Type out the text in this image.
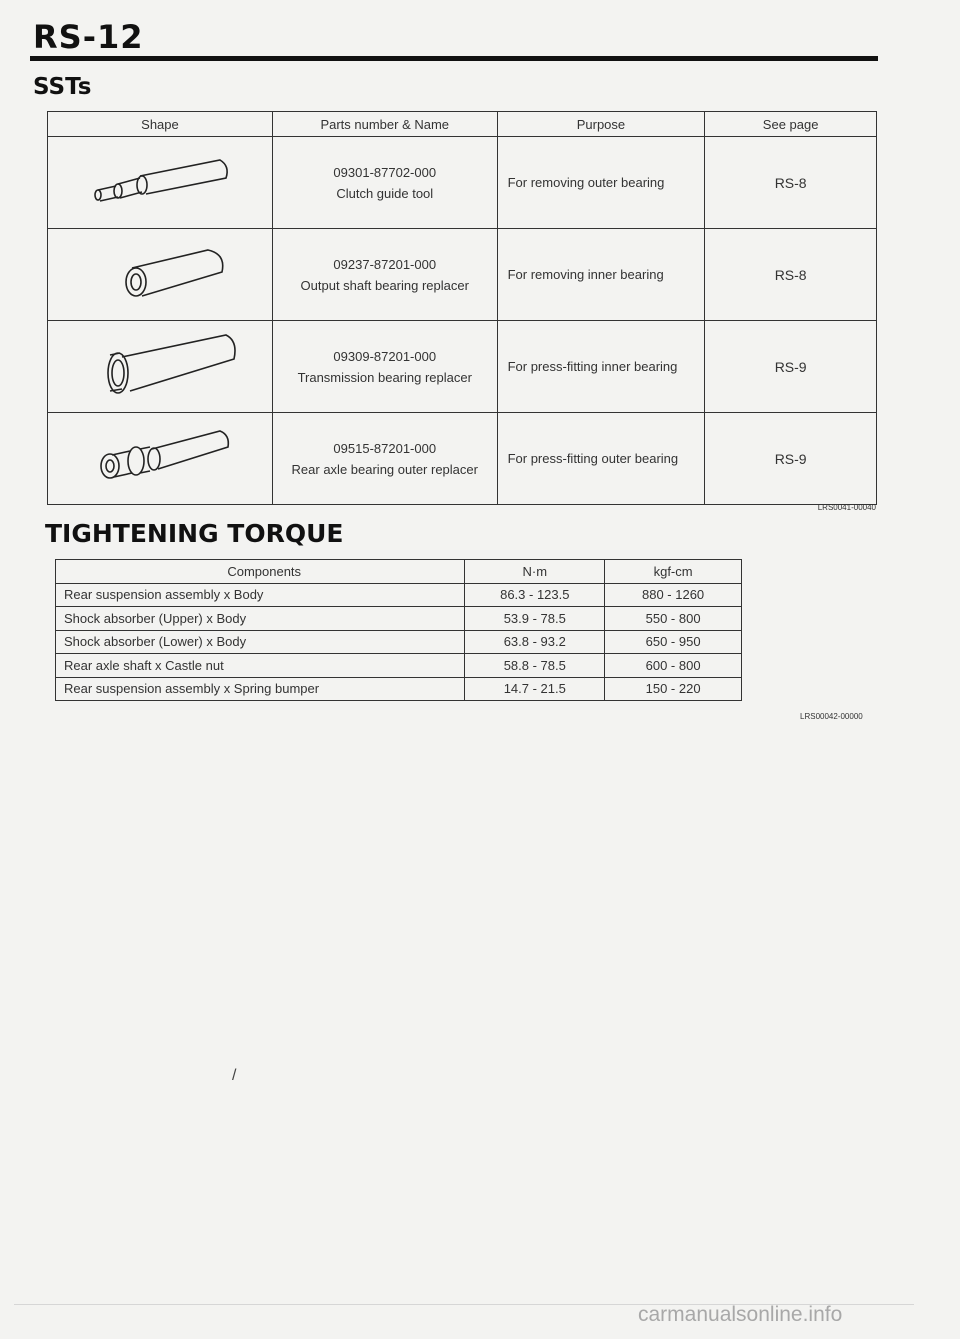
RS-12
SSTs
Shape	Parts number & Name	Purpose	See page

09301-87702-000
Clutch guide tool	For removing outer bearing	RS-8

09237-87201-000
Output shaft bearing replacer	For removing inner bearing	RS-8

09309-87201-000
Transmission bearing replacer	For press-fitting inner bearing	RS-9

09515-87201-000
Rear axle bearing outer replacer	For press-fitting outer bearing	RS-9
LRS0041-00040
TIGHTENING TORQUE
Components	N·m	kgf-cm
Rear suspension assembly x Body	86.3 - 123.5	880 - 1260
Shock absorber (Upper) x Body	53.9 - 78.5	550 - 800
Shock absorber (Lower) x Body	63.8 - 93.2	650 - 950
Rear axle shaft x Castle nut	58.8 - 78.5	600 - 800
Rear suspension assembly x Spring bumper	14.7 - 21.5	150 - 220
LRS00042-00000
/
carmanualsonline.info
